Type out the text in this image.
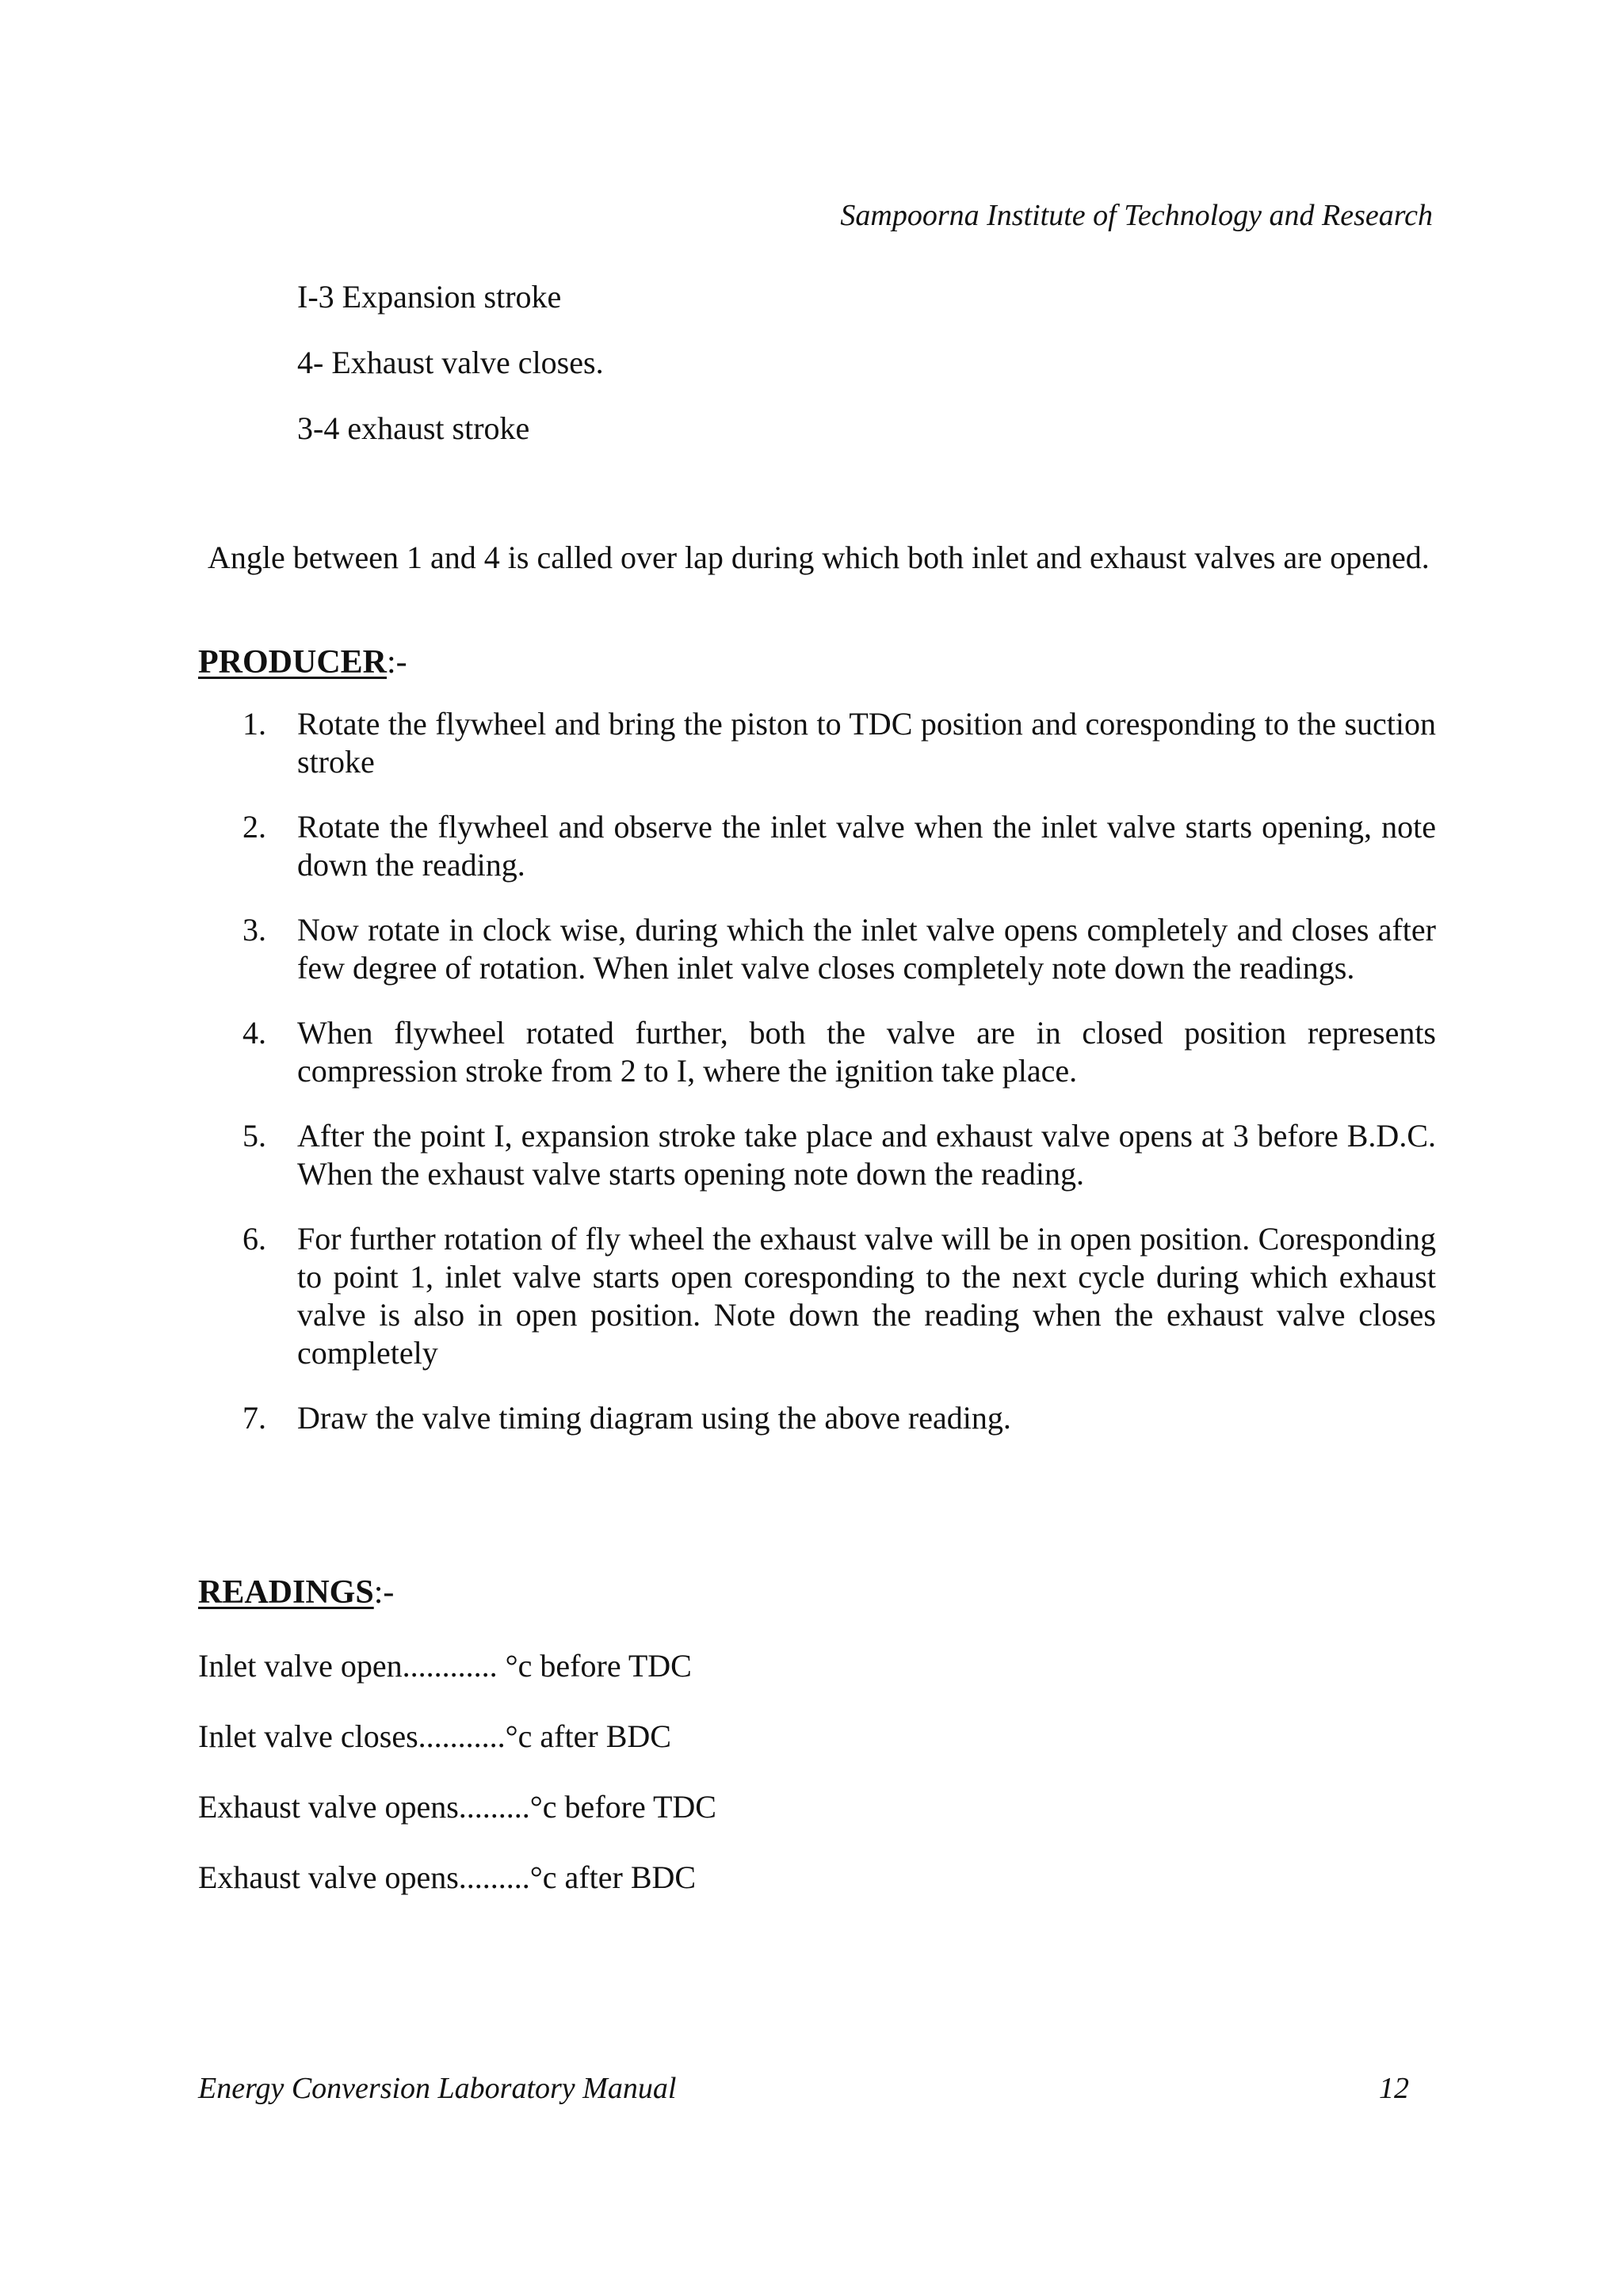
Sampoorna Institute of Technology and Research
I-3 Expansion stroke
4- Exhaust valve closes.
3-4 exhaust stroke
Angle between 1 and 4 is called over lap during which both inlet and exhaust valves are opened.
PRODUCER:-
1. Rotate the flywheel and bring the piston to TDC position and coresponding to the suction stroke
2. Rotate the flywheel and observe the inlet valve when the inlet valve starts opening, note down the reading.
3. Now rotate in clock wise, during which the inlet valve opens completely and closes after few degree of rotation. When inlet valve closes completely note down the readings.
4. When flywheel rotated further, both the valve are in closed position represents compression stroke from 2 to I, where the ignition take place.
5. After the point I, expansion stroke take place and exhaust valve opens at 3 before B.D.C. When the exhaust valve starts opening note down the reading.
6. For further rotation of fly wheel the exhaust valve will be in open position. Coresponding to point 1, inlet valve starts open coresponding to the next cycle during which exhaust valve is also in open position. Note down the reading when the exhaust valve closes completely
7. Draw the valve timing diagram using the above reading.
READINGS:-
Inlet valve open............ °c before TDC
Inlet valve closes...........°c after BDC
Exhaust valve opens.........°c before TDC
Exhaust valve opens.........°c after BDC
Energy Conversion Laboratory Manual	12
